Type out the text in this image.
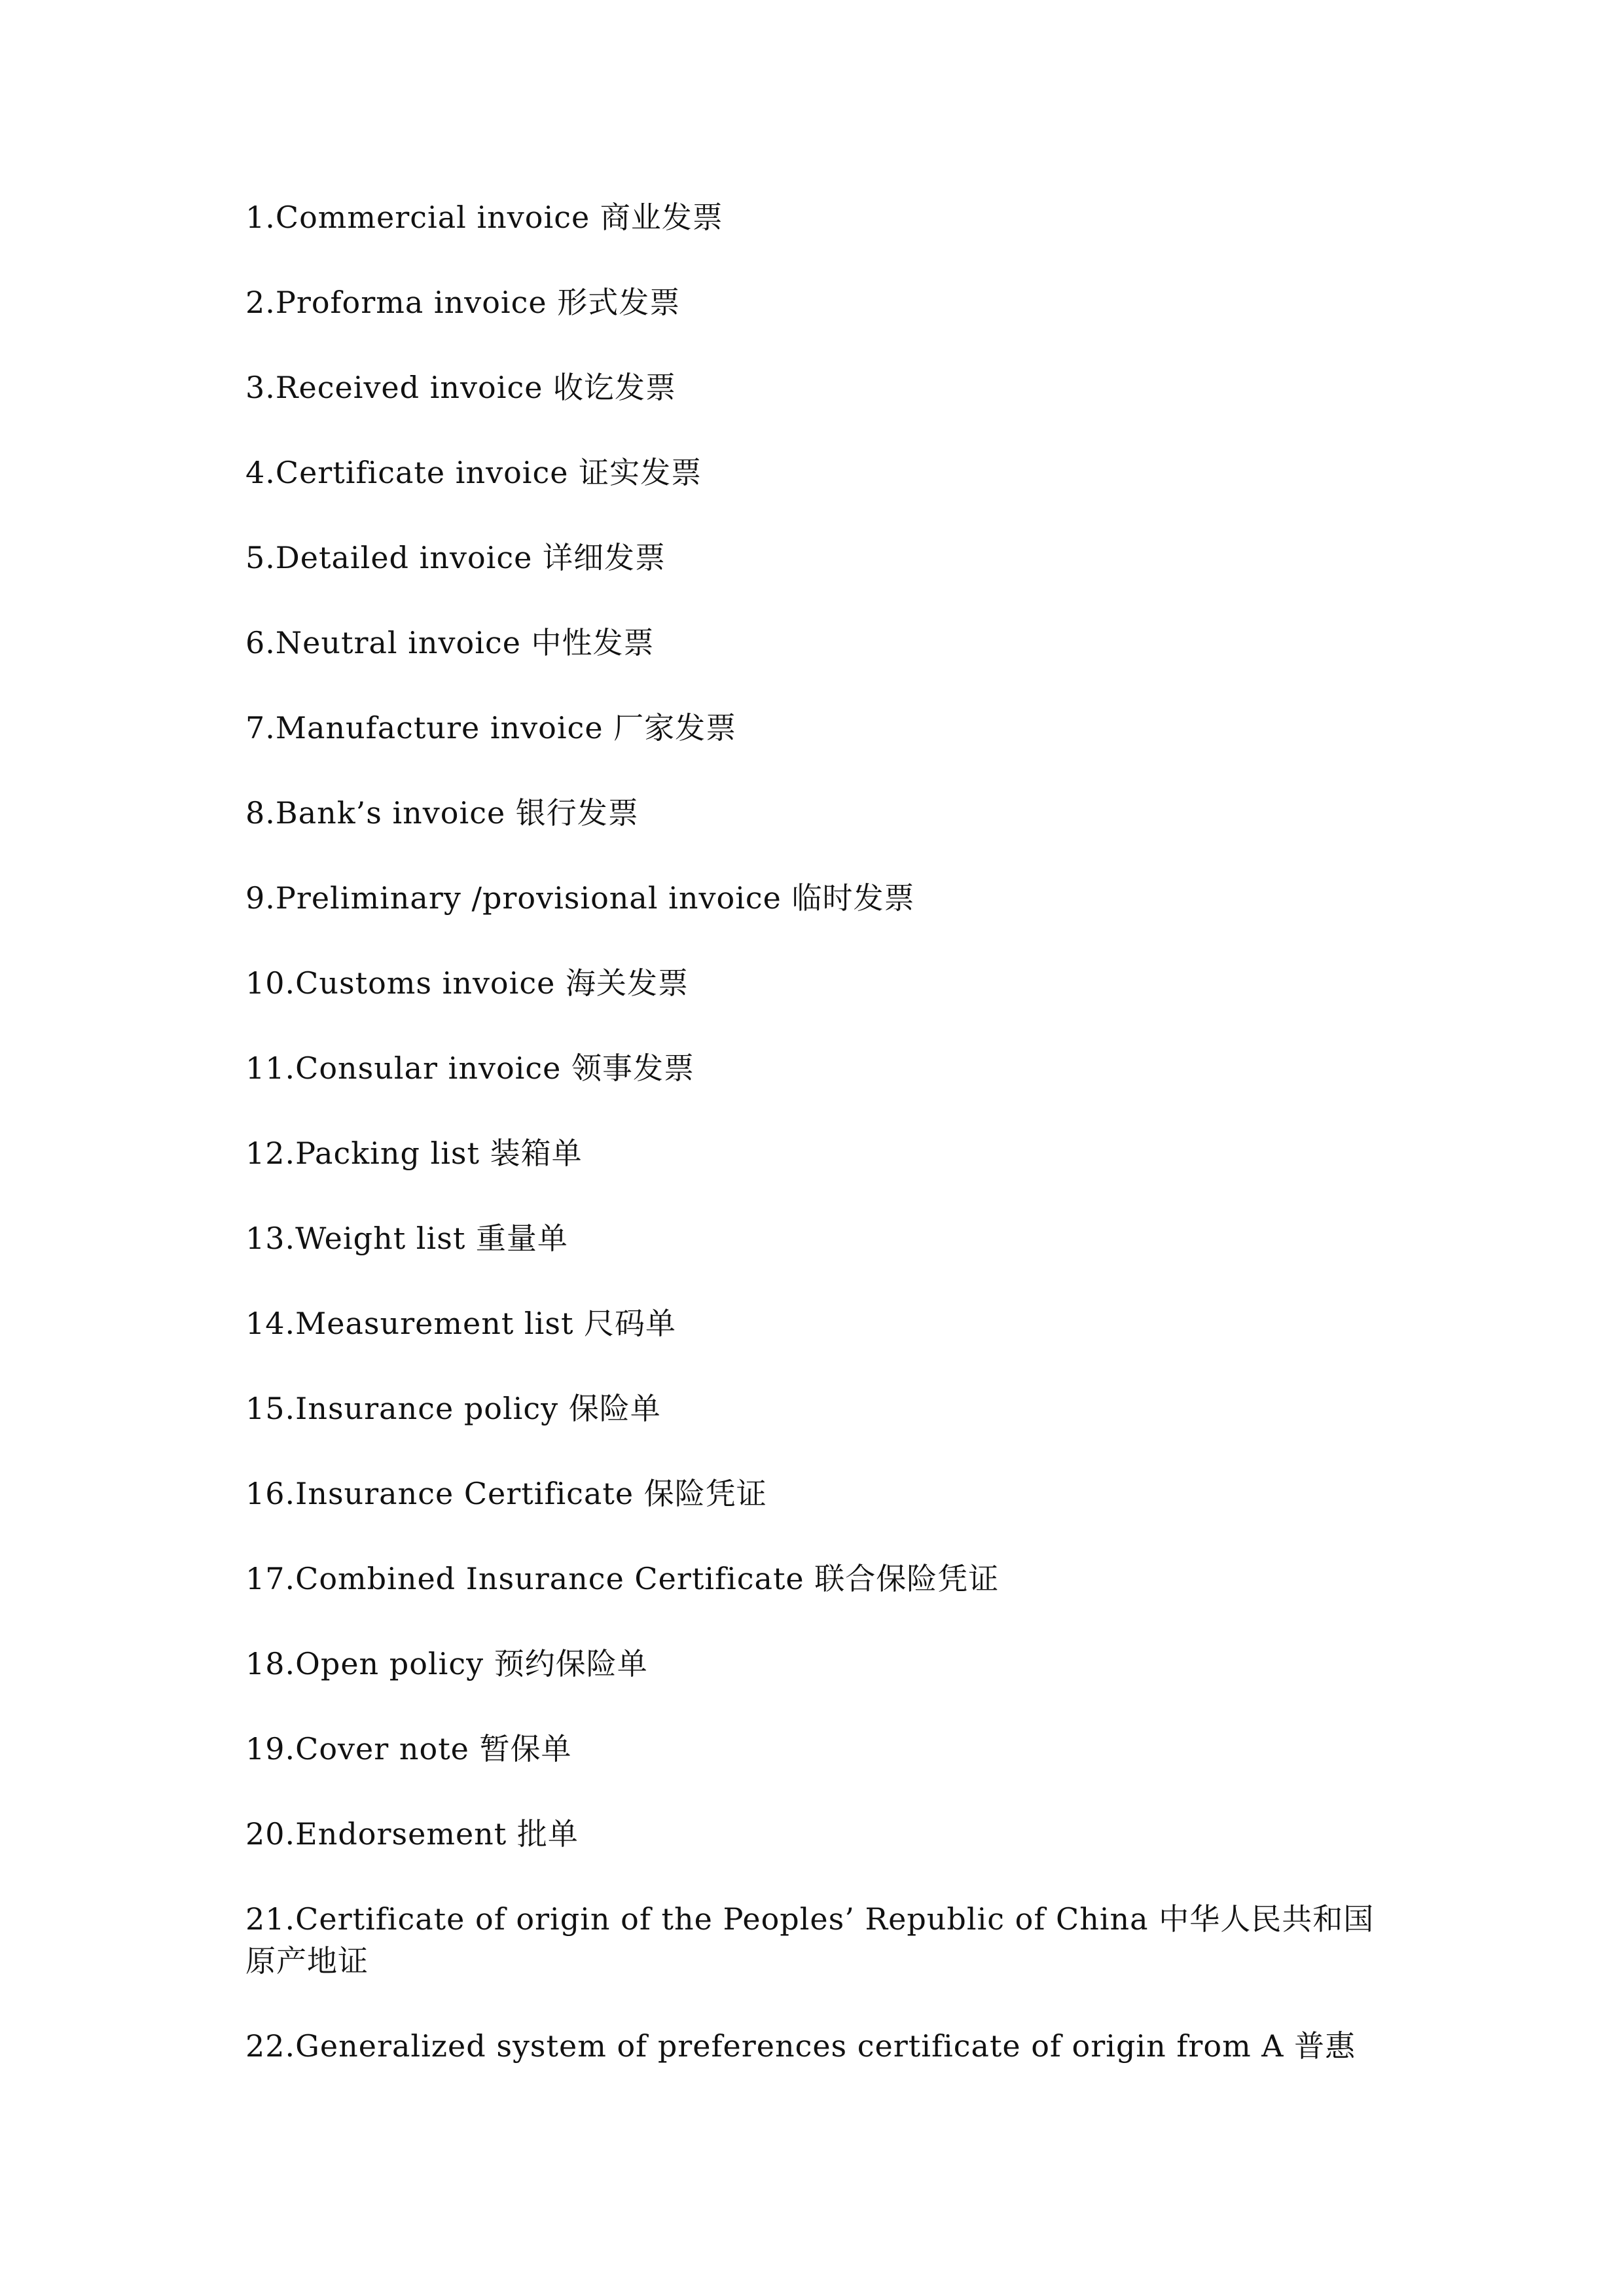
1.Commercial invoice 商业发票

2.Proforma invoice 形式发票

3.Received invoice 收讫发票

4.Certificate invoice 证实发票

5.Detailed invoice 详细发票

6.Neutral invoice 中性发票

7.Manufacture invoice 厂家发票

8.Bank’s invoice 银行发票

9.Preliminary /provisional invoice 临时发票

10.Customs invoice 海关发票

11.Consular invoice 领事发票

12.Packing list 装箱单

13.Weight list 重量单

14.Measurement list 尺码单

15.Insurance policy 保险单

16.Insurance Certificate 保险凭证

17.Combined Insurance Certificate 联合保险凭证

18.Open policy 预约保险单

19.Cover note 暂保单

20.Endorsement 批单

21.Certificate of origin of the Peoples’ Republic of China 中华人民共和国原产地证

22.Generalized system of preferences certificate of origin from A 普惠
